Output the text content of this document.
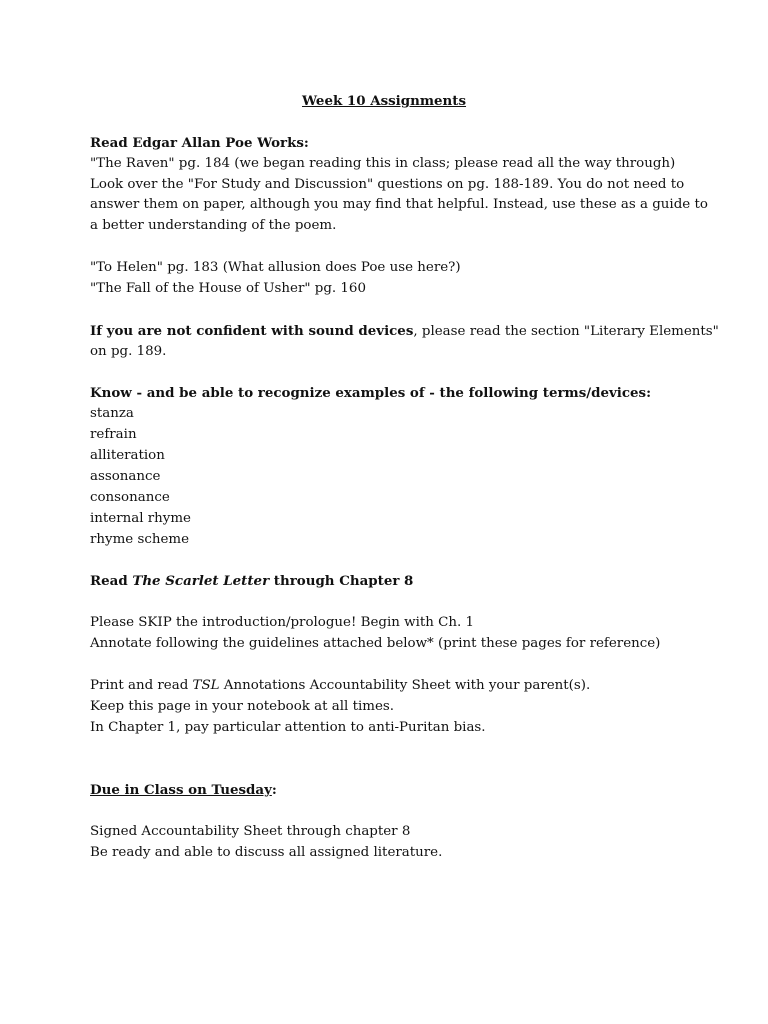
Week 10 Assignments
Read Edgar Allan Poe Works:
"The Raven" pg. 184 (we began reading this in class; please read all the way through)
Look over the "For Study and Discussion" questions on pg. 188-189. You do not need to
answer them on paper, although you may find that helpful. Instead, use these as a guide to
a better understanding of the poem.
"To Helen" pg. 183 (What allusion does Poe use here?)
"The Fall of the House of Usher" pg. 160
If you are not confident with sound devices, please read the section "Literary Elements"
on pg. 189.
Know - and be able to recognize examples of - the following terms/devices:
stanza
refrain
alliteration
assonance
consonance
internal rhyme
rhyme scheme
Read The Scarlet Letter through Chapter 8
Please SKIP the introduction/prologue! Begin with Ch. 1
Annotate following the guidelines attached below* (print these pages for reference)
Print and read TSL Annotations Accountability Sheet with your parent(s).
Keep this page in your notebook at all times.
In Chapter 1, pay particular attention to anti-Puritan bias.
Due in Class on Tuesday:
Signed Accountability Sheet through chapter 8
Be ready and able to discuss all assigned literature.
